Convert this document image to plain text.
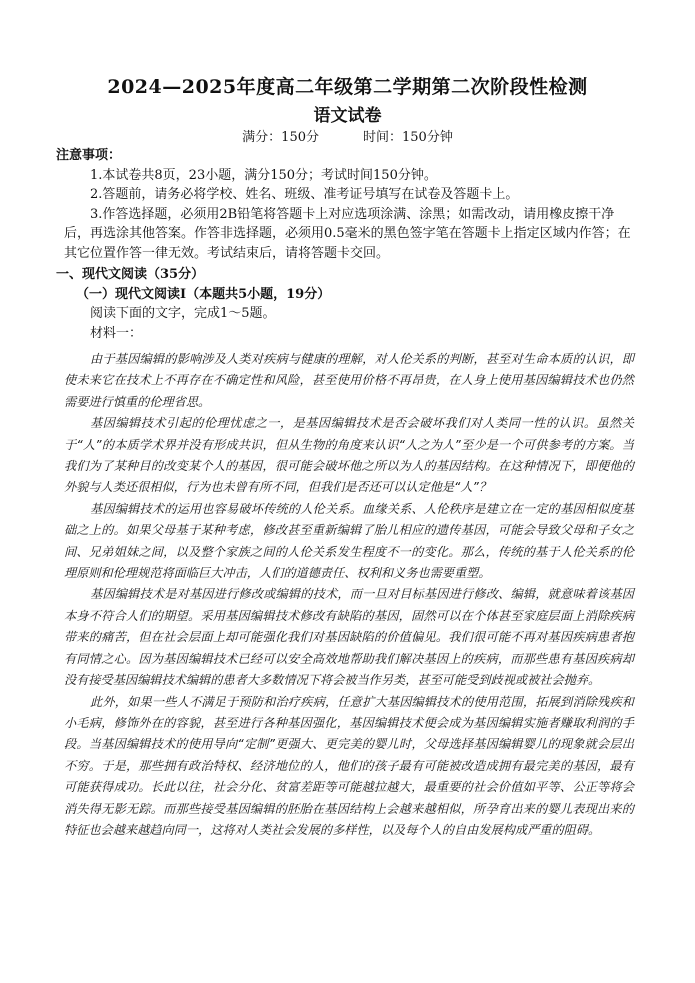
2024—2025年度高二年级第二学期第二次阶段性检测
语文试卷
满分：150分	时间：150分钟

注意事项：

1.本试卷共8页，23小题，满分150分；考试时间150分钟。

2.答题前，请务必将学校、姓名、班级、准考证号填写在试卷及答题卡上。

3.作答选择题，必须用2B铅笔将答题卡上对应选项涂满、涂黑；如需改动，请用橡皮擦干净后，再选涂其他答案。作答非选择题，必须用0.5毫米的黑色签字笔在答题卡上指定区域内作答；在其它位置作答一律无效。考试结束后，请将答题卡交回。

一、现代文阅读（35分）

（一）现代文阅读Ⅰ（本题共5小题，19分）

阅读下面的文字，完成1～5题。

材料一：

由于基因编辑的影响涉及人类对疾病与健康的理解，对人伦关系的判断，甚至对生命本质的认识，即使未来它在技术上不再存在不确定性和风险，甚至使用价格不再昂贵，在人身上使用基因编辑技术也仍然需要进行慎重的伦理省思。

基因编辑技术引起的伦理忧虑之一，是基因编辑技术是否会破坏我们对人类同一性的认识。虽然关于“人”的本质学术界并没有形成共识，但从生物的角度来认识“人之为人”至少是一个可供参考的方案。当我们为了某种目的改变某个人的基因，很可能会破坏他之所以为人的基因结构。在这种情况下，即便他的外貌与人类还很相似，行为也未曾有所不同，但我们是否还可以认定他是“人”？

基因编辑技术的运用也容易破坏传统的人伦关系。血缘关系、人伦秩序是建立在一定的基因相似度基础之上的。如果父母基于某种考虑，修改甚至重新编辑了胎儿相应的遗传基因，可能会导致父母和子女之间、兄弟姐妹之间，以及整个家族之间的人伦关系发生程度不一的变化。那么，传统的基于人伦关系的伦理原则和伦理规范将面临巨大冲击，人们的道德责任、权利和义务也需要重塑。

基因编辑技术是对基因进行修改或编辑的技术，而一旦对目标基因进行修改、编辑，就意味着该基因本身不符合人们的期望。采用基因编辑技术修改有缺陷的基因，固然可以在个体甚至家庭层面上消除疾病带来的痛苦，但在社会层面上却可能强化我们对基因缺陷的价值偏见。我们很可能不再对基因疾病患者抱有同情之心。因为基因编辑技术已经可以安全高效地帮助我们解决基因上的疾病，而那些患有基因疾病却没有接受基因编辑技术编辑的患者大多数情况下将会被当作另类，甚至可能受到歧视或被社会抛弃。

此外，如果一些人不满足于预防和治疗疾病，任意扩大基因编辑技术的使用范围，拓展到消除残疾和小毛病，修饰外在的容貌，甚至进行各种基因强化，基因编辑技术便会成为基因编辑实施者赚取利润的手段。当基因编辑技术的使用导向“定制”更强大、更完美的婴儿时，父母选择基因编辑婴儿的现象就会层出不穷。于是，那些拥有政治特权、经济地位的人，他们的孩子最有可能被改造成拥有最完美的基因，最有可能获得成功。长此以往，社会分化、贫富差距等可能越拉越大，最重要的社会价值如平等、公正等将会消失得无影无踪。而那些接受基因编辑的胚胎在基因结构上会越来越相似，所孕育出来的婴儿表现出来的特征也会越来越趋向同一，这将对人类社会发展的多样性，以及每个人的自由发展构成严重的阻碍。
